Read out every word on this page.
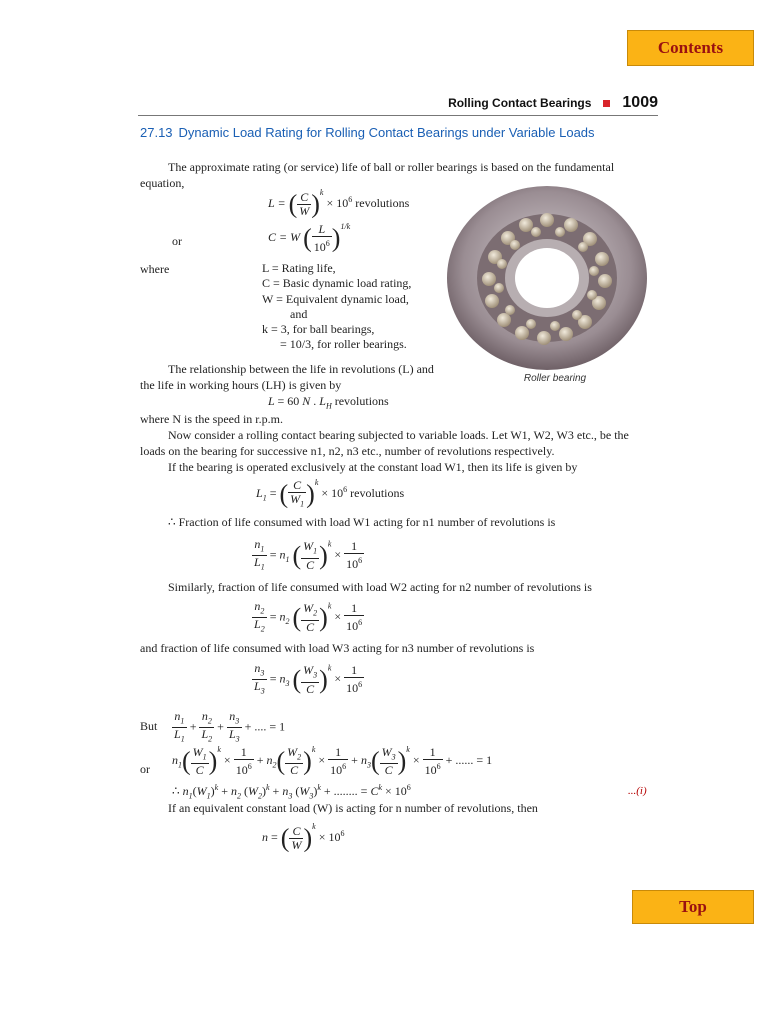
Contents
Rolling Contact Bearings 1009
27.13 Dynamic Load Rating for Rolling Contact Bearings under Variable Loads
The approximate rating (or service) life of ball or roller bearings is based on the fundamental equation,
L = ( $\frac{C}{W} )^k \times 10^6$ revolutions
or	C = W ( $\frac{L}{10^6} )^{1/k}$
where	L = Rating life,
C = Basic dynamic load rating,
W = Equivalent dynamic load,
and
k = 3, for ball bearings,
= 10/3, for roller bearings.
Roller bearing
The relationship between the life in revolutions (L) and the life in working hours (LH) is given by
L = 60 N . $L_H$ revolutions
where N is the speed in r.p.m.
Now consider a rolling contact bearing subjected to variable loads. Let W1, W2, W3 etc., be the loads on the bearing for successive n1, n2, n3 etc., number of revolutions respectively.
If the bearing is operated exclusively at the constant load W1, then its life is given by
$L_1$ = ( $\frac{C}{W_1} )^k \times 10^6$ revolutions
∴ Fraction of life consumed with load W1 acting for n1 number of revolutions is
$\frac{n_1}{L_1} = n_1$ ( $\frac{W_1}{C} )^k \times \frac{1}{10^6}$
Similarly, fraction of life consumed with load W2 acting for n2 number of revolutions is
$\frac{n_2}{L_2} = n_2$ ( $\frac{W_2}{C} )^k \times \frac{1}{10^6}$
and fraction of life consumed with load W3 acting for n3 number of revolutions is
$\frac{n_3}{L_3} = n_3$ ( $\frac{W_3}{C} )^k \times \frac{1}{10^6}$
But $\frac{n_1}{L_1} + \frac{n_2}{L_2} + \frac{n_3}{L_3}$ + .... = 1
or
$n_1( \frac{W_1}{C} )^k \times \frac{1}{10^6} + n_2( \frac{W_2}{C} )^k \times \frac{1}{10^6} + n_3( \frac{W_3}{C} )^k \times \frac{1}{10^6}$ + ...... = 1
∴ $n_1(W_1)^k + n_2$ $(W_2)^k + n_3$ $(W_3)^k$ + ........ = $C^k \times 10^6$	...(i)
If an equivalent constant load (W) is acting for n number of revolutions, then
n = ( $\frac{C}{W} )^k \times 10^6$
Top
